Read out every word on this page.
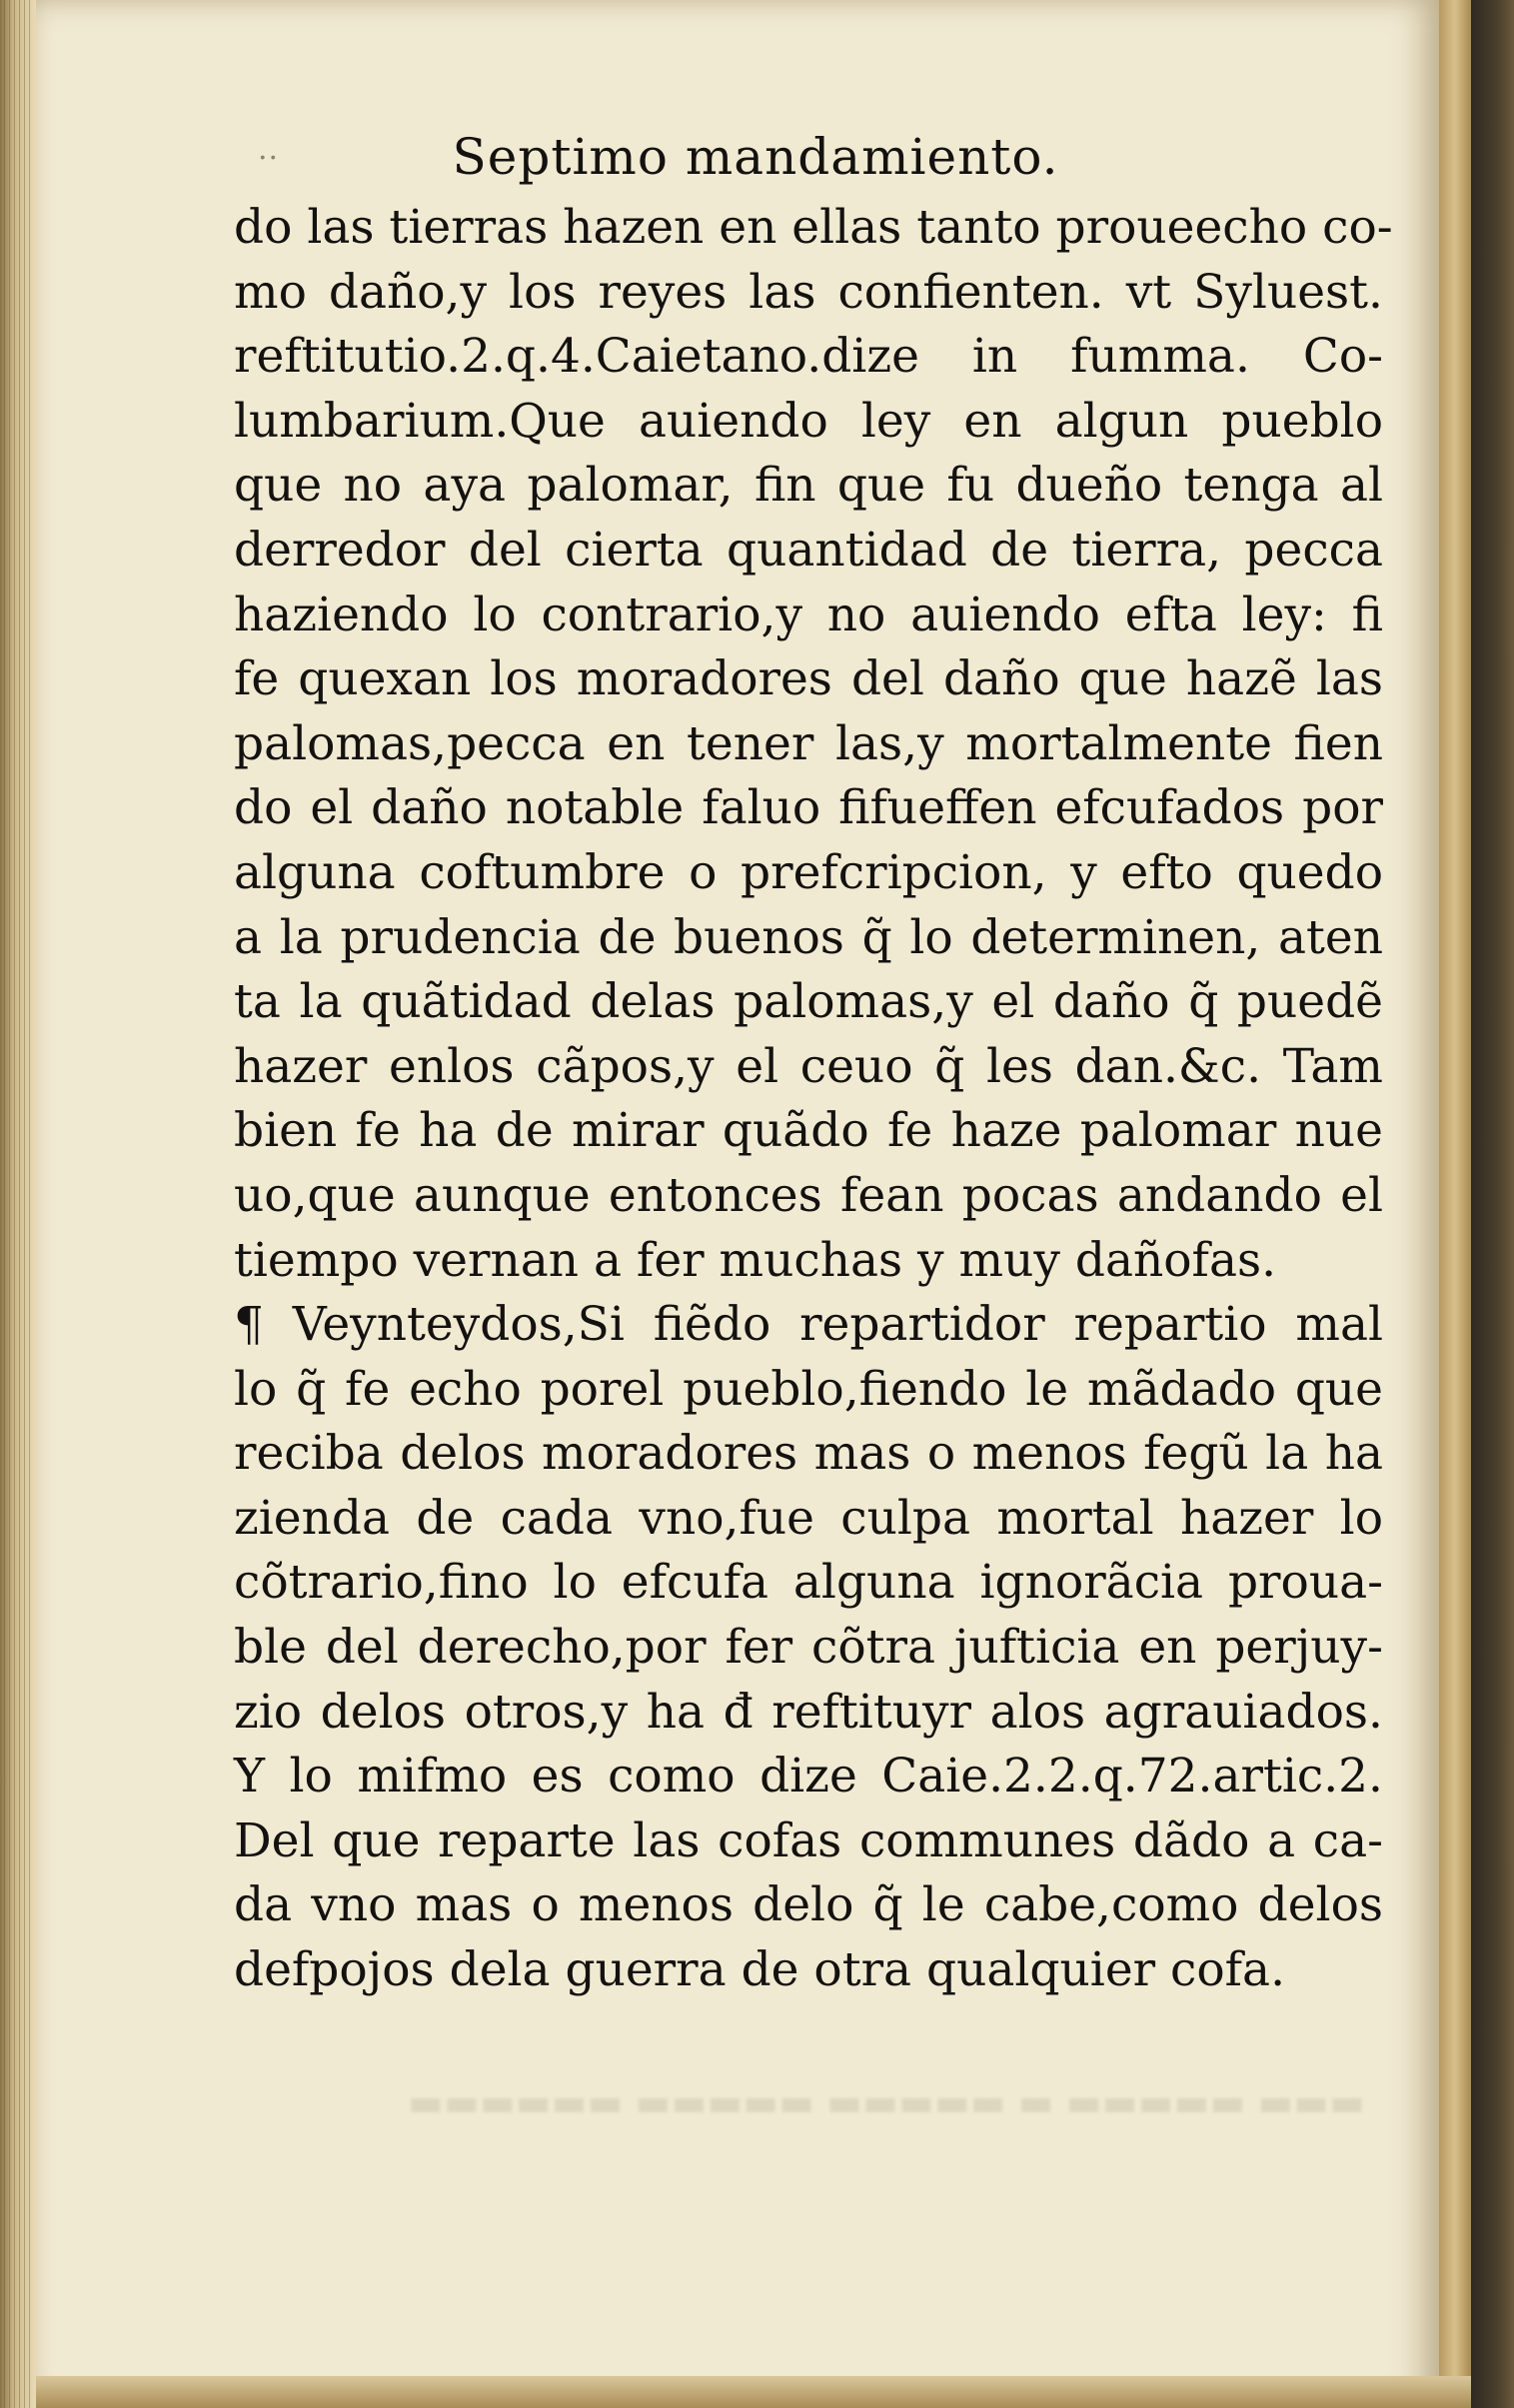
..	Septimo mandamiento.
do las tierras hazen en ellas tanto proueecho co-
mo daño,y los reyes las confienten. vt Syluest.
reftitutio.2.q.4.Caietano.dize in fumma. Co-
lumbarium.Que auiendo ley en algun pueblo
que no aya palomar, fin que fu dueño tenga al
derredor del cierta quantidad de tierra, pecca
haziendo lo contrario,y no auiendo efta ley: fi
fe quexan los moradores del daño que hazẽ las
palomas,pecca en tener las,y mortalmente fien
do el daño notable faluo fifueffen efcufados por
alguna coftumbre o prefcripcion, y efto quedo
a la prudencia de buenos q̃ lo determinen, aten
ta la quãtidad delas palomas,y el daño q̃ puedẽ
hazer enlos cãpos,y el ceuo q̃ les dan.&c. Tam
bien fe ha de mirar quãdo fe haze palomar nue
uo,que aunque entonces fean pocas andando el
tiempo vernan a fer muchas y muy dañofas.
¶ Veynteydos,Si fiẽdo repartidor repartio mal
lo q̃ fe echo porel pueblo,fiendo le mãdado que
reciba delos moradores mas o menos fegũ la ha
zienda de cada vno,fue culpa mortal hazer lo
cõtrario,fino lo efcufa alguna ignorãcia proua-
ble del derecho,por fer cõtra jufticia en perjuy-
zio delos otros,y ha đ reftituyr alos agrauiados.
Y lo mifmo es como dize Caie.2.2.q.72.artic.2.
Del que reparte las cofas communes dãdo a ca-
da vno mas o menos delo q̃ le cabe,como delos
defpojos dela guerra de otra qualquier cofa.
▬▬▬ ▬▬▬▬▬ ▬ ▬▬▬▬▬ ▬▬▬▬▬ ▬▬▬▬▬▬
